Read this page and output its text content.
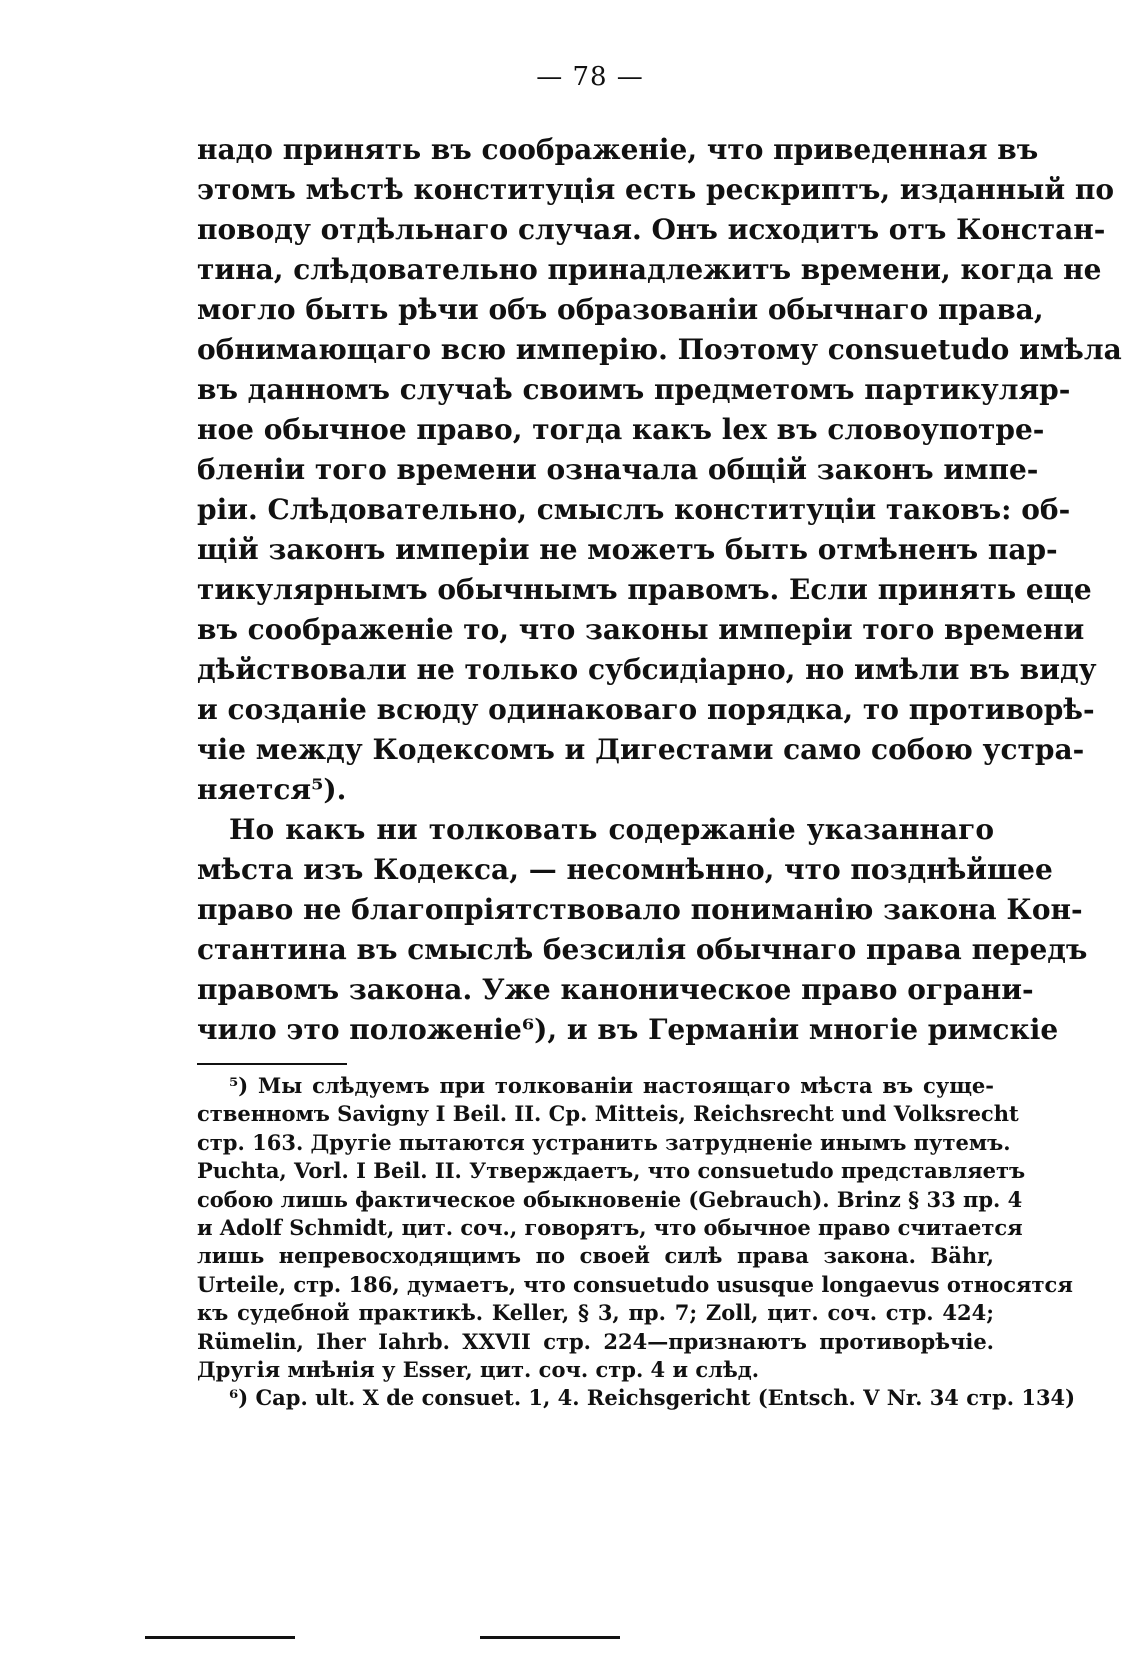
— 78 —
надо принять въ соображеніе, что приведенная въ
этомъ мѣстѣ конституція есть рескриптъ, изданный по
поводу отдѣльнаго случая. Онъ исходитъ отъ Констан-
тина, слѣдовательно принадлежитъ времени, когда не
могло быть рѣчи объ образованіи обычнаго права,
обнимающаго всю имперію. Поэтому consuetudo имѣла
въ данномъ случаѣ своимъ предметомъ партикуляр-
ное обычное право, тогда какъ lex въ словоупотре-
бленіи того времени означала общій законъ импе-
ріи. Слѣдовательно, смыслъ конституціи таковъ: об-
щій законъ имперіи не можетъ быть отмѣненъ пар-
тикулярнымъ обычнымъ правомъ. Если принять еще
въ соображеніе то, что законы имперіи того времени
дѣйствовали не только субсидіарно, но имѣли въ виду
и созданіе всюду одинаковаго порядка, то противорѣ-
чіе между Кодексомъ и Дигестами само собою устра-
няется⁵).
Но какъ ни толковать содержаніе указаннаго
мѣста изъ Кодекса, — несомнѣнно, что позднѣйшее
право не благопріятствовало пониманію закона Кон-
стантина въ смыслѣ безсилія обычнаго права передъ
правомъ закона. Уже каноническое право ограни-
чило это положеніе⁶), и въ Германіи многіе римскіе
⁵) Мы слѣдуемъ при толкованіи настоящаго мѣста въ суще-
ственномъ Savigny I Beil. II. Cp. Mitteis, Reichsrecht und Volksrecht
стр. 163. Другіе пытаются устранить затрудненіе инымъ путемъ.
Puchta, Vorl. I Beil. II. Утверждаетъ, что consuetudo представляетъ
собою лишь фактическое обыкновеніе (Gebrauch). Brinz § 33 пр. 4
и Adolf Schmidt, цит. соч., говорятъ, что обычное право считается
лишь непревосходящимъ по своей силѣ права закона. Bähr,
Urteile, стр. 186, думаетъ, что consuetudo ususque longaevus относятся
къ судебной практикѣ. Keller, § 3, пр. 7; Zoll, цит. соч. стр. 424;
Rümelin, Iher Iahrb. XXVII стр. 224—признаютъ противорѣчіе.
Другія мнѣнія у Esser, цит. соч. стр. 4 и слѣд.
⁶) Cap. ult. X de consuet. 1, 4. Reichsgericht (Entsch. V Nr. 34 стр. 134)
